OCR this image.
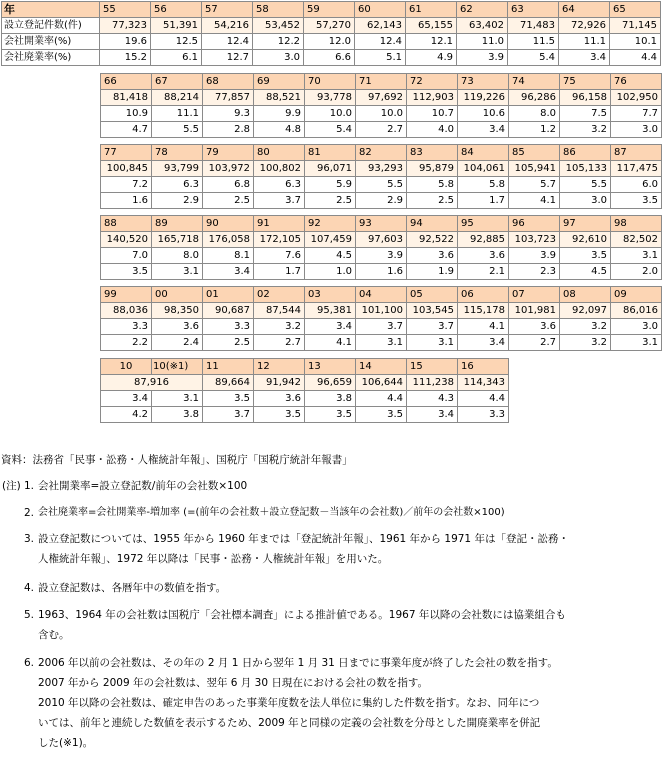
年	55	56	57	58	59	60	61	62	63	64	65
設立登記件数(件)	77,323	51,391	54,216	53,452	57,270	62,143	65,155	63,402	71,483	72,926	71,145
会社開業率(%)	19.6	12.5	12.4	12.2	12.0	12.4	12.1	11.0	11.5	11.1	10.1
会社廃業率(%)	15.2	6.1	12.7	3.0	6.6	5.1	4.9	3.9	5.4	3.4	4.4
66	67	68	69	70	71	72	73	74	75	76
81,418	88,214	77,857	88,521	93,778	97,692	112,903	119,226	96,286	96,158	102,950
10.9	11.1	9.3	9.9	10.0	10.0	10.7	10.6	8.0	7.5	7.7
4.7	5.5	2.8	4.8	5.4	2.7	4.0	3.4	1.2	3.2	3.0
77	78	79	80	81	82	83	84	85	86	87
100,845	93,799	103,972	100,802	96,071	93,293	95,879	104,061	105,941	105,133	117,475
7.2	6.3	6.8	6.3	5.9	5.5	5.8	5.8	5.7	5.5	6.0
1.6	2.9	2.5	3.7	2.5	2.9	2.5	1.7	4.1	3.0	3.5
88	89	90	91	92	93	94	95	96	97	98
140,520	165,718	176,058	172,105	107,459	97,603	92,522	92,885	103,723	92,610	82,502
7.0	8.0	8.1	7.6	4.5	3.9	3.6	3.6	3.9	3.5	3.1
3.5	3.1	3.4	1.7	1.0	1.6	1.9	2.1	2.3	4.5	2.0
99	00	01	02	03	04	05	06	07	08	09
88,036	98,350	90,687	87,544	95,381	101,100	103,545	115,178	101,981	92,097	86,016
3.3	3.6	3.3	3.2	3.4	3.7	3.7	4.1	3.6	3.2	3.0
2.2	2.4	2.5	2.7	4.1	3.1	3.1	3.4	2.7	3.2	3.1
10	10(※1)	11	12	13	14	15	16
87,916		89,664	91,942	96,659	106,644	111,238	114,343
3.4	3.1	3.5	3.6	3.8	4.4	4.3	4.4
4.2	3.8	3.7	3.5	3.5	3.5	3.4	3.3
資料：法務省「民事・訟務・人権統計年報」、国税庁「国税庁統計年報書」
(注) 1. 会社開業率=設立登記数/前年の会社数×100
2. 会社廃業率=会社開業率-増加率 (=(前年の会社数＋設立登記数－当該年の会社数)／前年の会社数×100)
3. 設立登記数については、1955 年から 1960 年までは「登記統計年報」、1961 年から 1971 年は「登記・訟務・
人権統計年報」、1972 年以降は「民事・訟務・人権統計年報」を用いた。
4. 設立登記数は、各暦年中の数値を指す。
5. 1963、1964 年の会社数は国税庁「会社標本調査」による推計値である。1967 年以降の会社数には協業組合も
含む。
6. 2006 年以前の会社数は、その年の 2 月 1 日から翌年 1 月 31 日までに事業年度が終了した会社の数を指す。
2007 年から 2009 年の会社数は、翌年 6 月 30 日現在における会社の数を指す。
2010 年以降の会社数は、確定申告のあった事業年度数を法人単位に集約した件数を指す。なお、同年につ
いては、前年と連続した数値を表示するため、2009 年と同様の定義の会社数を分母とした開廃業率を併記
した(※1)。
